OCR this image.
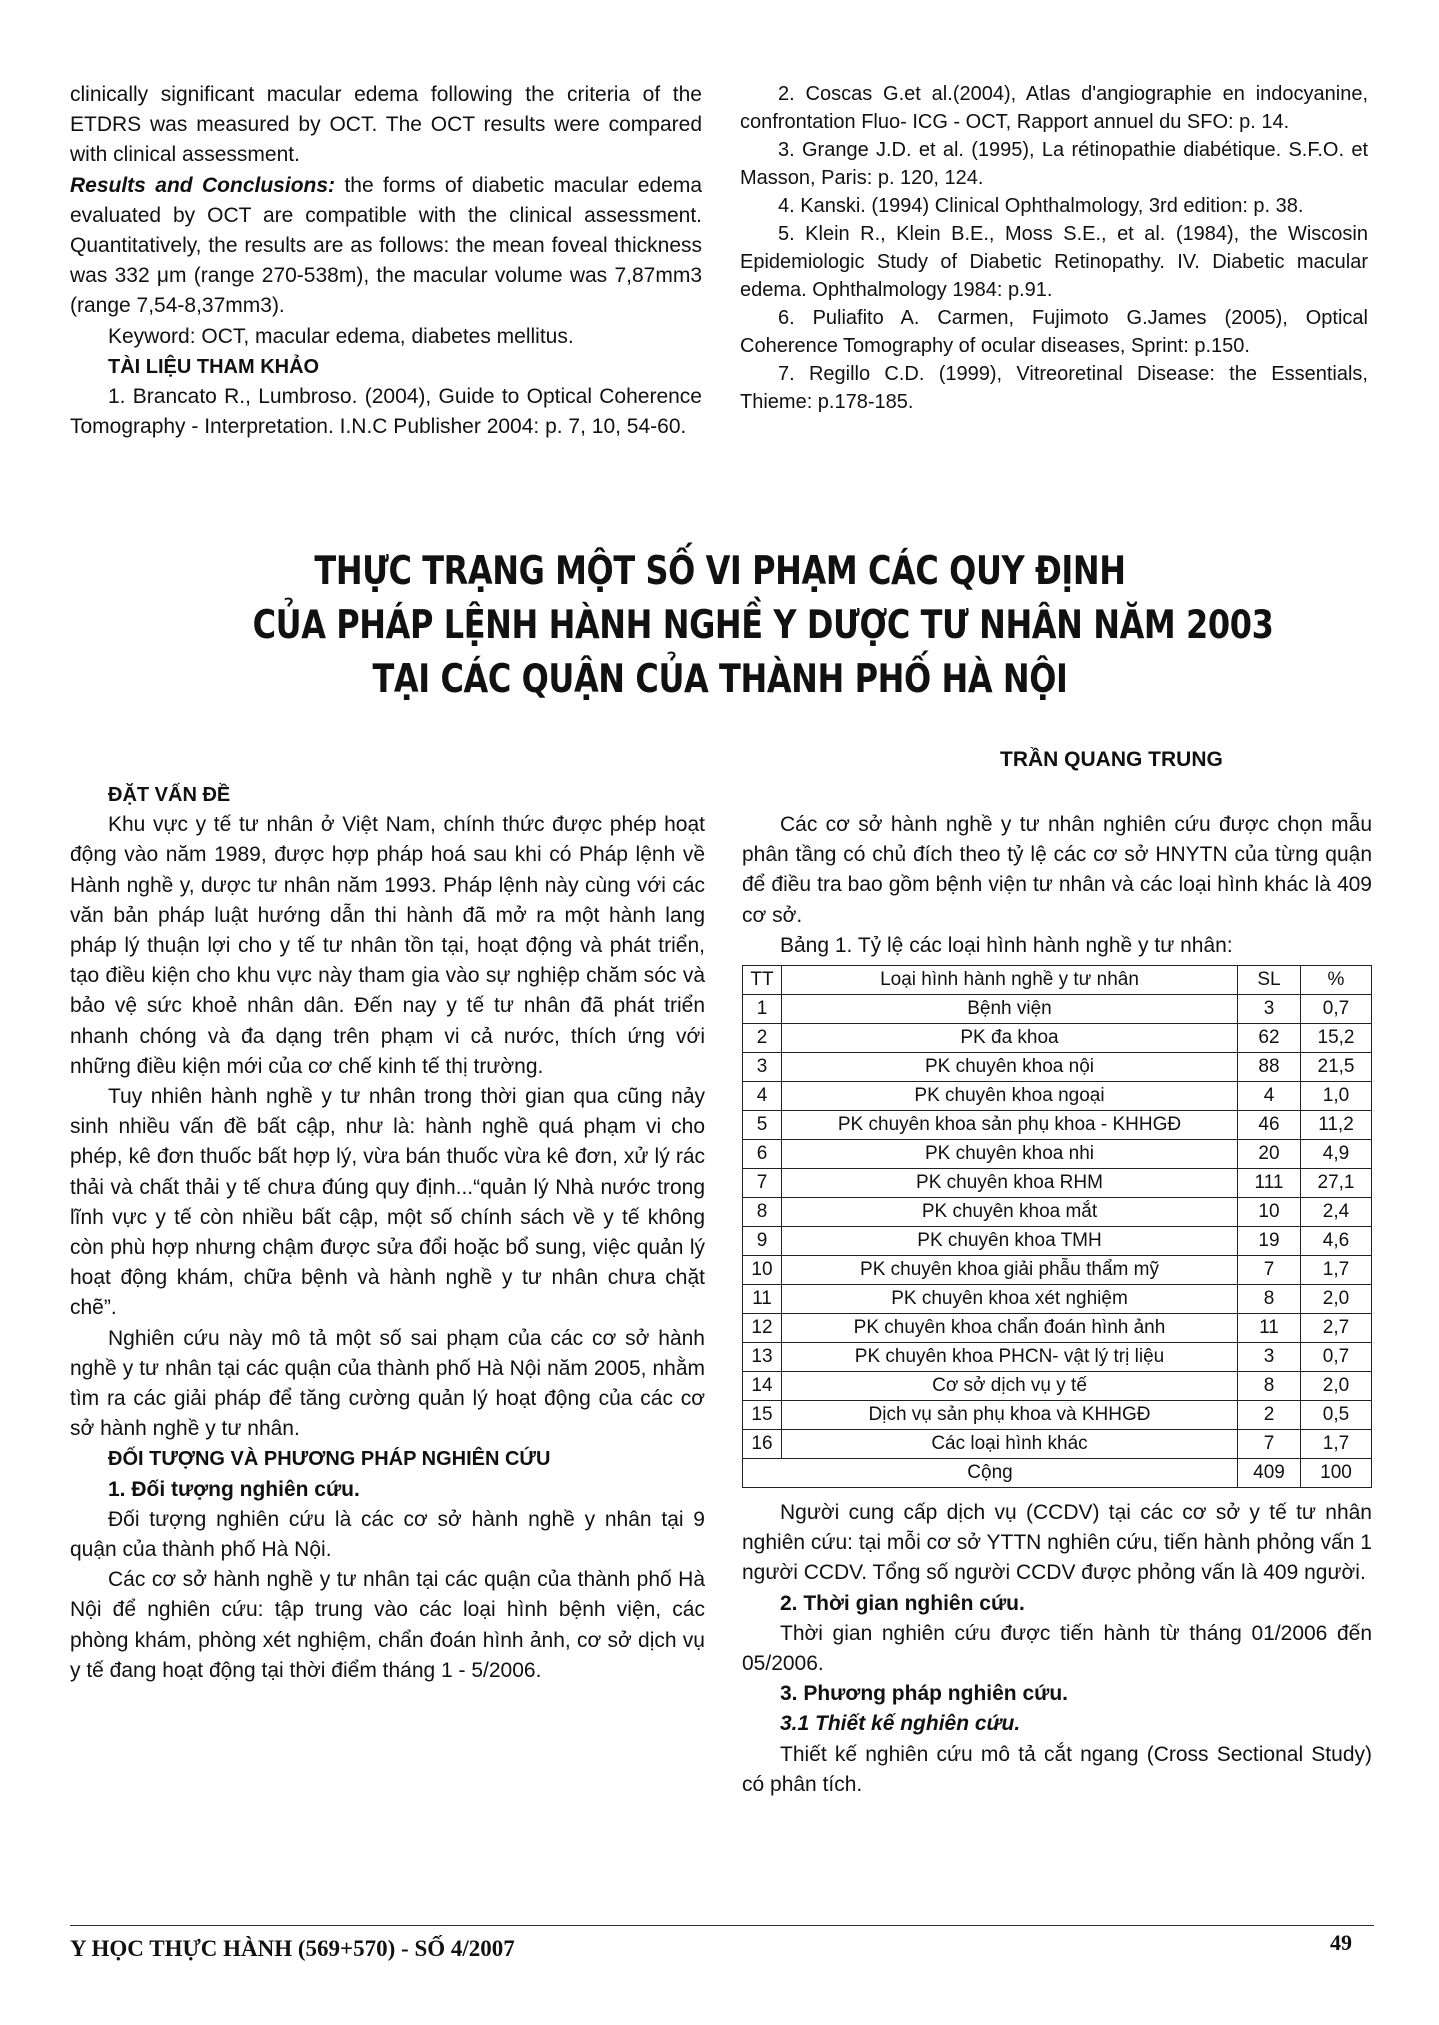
clinically significant macular edema following the criteria of the ETDRS was measured by OCT. The OCT results were compared with clinical assessment.

Results and Conclusions: the forms of diabetic macular edema evaluated by OCT are compatible with the clinical assessment. Quantitatively, the results are as follows: the mean foveal thickness was 332 μm (range 270-538m), the macular volume was 7,87mm3 (range 7,54-8,37mm3).

Keyword: OCT, macular edema, diabetes mellitus.

TÀI LIỆU THAM KHẢO

1. Brancato R., Lumbroso. (2004), Guide to Optical Coherence Tomography - Interpretation. I.N.C Publisher 2004: p. 7, 10, 54-60.

2. Coscas G.et al.(2004), Atlas d'angiographie en indocyanine, confrontation Fluo- ICG - OCT, Rapport annuel du SFO: p. 14.

3. Grange J.D. et al. (1995), La rétinopathie diabétique. S.F.O. et Masson, Paris: p. 120, 124.

4. Kanski. (1994) Clinical Ophthalmology, 3rd edition: p. 38.

5. Klein R., Klein B.E., Moss S.E., et al. (1984), the Wiscosin Epidemiologic Study of Diabetic Retinopathy. IV. Diabetic macular edema. Ophthalmology 1984: p.91.

6. Puliafito A. Carmen, Fujimoto G.James (2005), Optical Coherence Tomography of ocular diseases, Sprint: p.150.

7. Regillo C.D. (1999), Vitreoretinal Disease: the Essentials, Thieme: p.178-185.

THỰC TRẠNG MỘT SỐ VI PHẠM CÁC QUY ĐỊNH
CỦA PHÁP LỆNH HÀNH NGHỀ Y DƯỢC TƯ NHÂN NĂM 2003
TẠI CÁC QUẬN CỦA THÀNH PHỐ HÀ NỘI
TRẦN QUANG TRUNG

ĐẶT VẤN ĐỀ

Khu vực y tế tư nhân ở Việt Nam, chính thức được phép hoạt động vào năm 1989, được hợp pháp hoá sau khi có Pháp lệnh về Hành nghề y, dược tư nhân năm 1993. Pháp lệnh này cùng với các văn bản pháp luật hướng dẫn thi hành đã mở ra một hành lang pháp lý thuận lợi cho y tế tư nhân tồn tại, hoạt động và phát triển, tạo điều kiện cho khu vực này tham gia vào sự nghiệp chăm sóc và bảo vệ sức khoẻ nhân dân. Đến nay y tế tư nhân đã phát triển nhanh chóng và đa dạng trên phạm vi cả nước, thích ứng với những điều kiện mới của cơ chế kinh tế thị trường.

Tuy nhiên hành nghề y tư nhân trong thời gian qua cũng nảy sinh nhiều vấn đề bất cập, như là: hành nghề quá phạm vi cho phép, kê đơn thuốc bất hợp lý, vừa bán thuốc vừa kê đơn, xử lý rác thải và chất thải y tế chưa đúng quy định...“quản lý Nhà nước trong lĩnh vực y tế còn nhiều bất cập, một số chính sách về y tế không còn phù hợp nhưng chậm được sửa đổi hoặc bổ sung, việc quản lý hoạt động khám, chữa bệnh và hành nghề y tư nhân chưa chặt chẽ”.

Nghiên cứu này mô tả một số sai phạm của các cơ sở hành nghề y tư nhân tại các quận của thành phố Hà Nội năm 2005, nhằm tìm ra các giải pháp để tăng cường quản lý hoạt động của các cơ sở hành nghề y tư nhân.

ĐỐI TƯỢNG VÀ PHƯƠNG PHÁP NGHIÊN CỨU

1. Đối tượng nghiên cứu.

Đối tượng nghiên cứu là các cơ sở hành nghề y nhân tại 9 quận của thành phố Hà Nội.

Các cơ sở hành nghề y tư nhân tại các quận của thành phố Hà Nội để nghiên cứu: tập trung vào các loại hình bệnh viện, các phòng khám, phòng xét nghiệm, chẩn đoán hình ảnh, cơ sở dịch vụ y tế đang hoạt động tại thời điểm tháng 1 - 5/2006.

Các cơ sở hành nghề y tư nhân nghiên cứu được chọn mẫu phân tầng có chủ đích theo tỷ lệ các cơ sở HNYTN của từng quận để điều tra bao gồm bệnh viện tư nhân và các loại hình khác là 409 cơ sở.

Bảng 1. Tỷ lệ các loại hình hành nghề y tư nhân:

TT	Loại hình hành nghề y tư nhân	SL	%
1	Bệnh viện	3	0,7
2	PK đa khoa	62	15,2
3	PK chuyên khoa nội	88	21,5
4	PK chuyên khoa ngoại	4	1,0
5	PK chuyên khoa sản phụ khoa - KHHGĐ	46	11,2
6	PK chuyên khoa nhi	20	4,9
7	PK chuyên khoa RHM	111	27,1
8	PK chuyên khoa mắt	10	2,4
9	PK chuyên khoa TMH	19	4,6
10	PK chuyên khoa giải phẫu thẩm mỹ	7	1,7
11	PK chuyên khoa xét nghiệm	8	2,0
12	PK chuyên khoa chẩn đoán hình ảnh	11	2,7
13	PK chuyên khoa PHCN- vật lý trị liệu	3	0,7
14	Cơ sở dịch vụ y tế	8	2,0
15	Dịch vụ sản phụ khoa và KHHGĐ	2	0,5
16	Các loại hình khác	7	1,7
Cộng		409	100

Người cung cấp dịch vụ (CCDV) tại các cơ sở y tế tư nhân nghiên cứu: tại mỗi cơ sở YTTN nghiên cứu, tiến hành phỏng vấn 1 người CCDV. Tổng số người CCDV được phỏng vấn là 409 người.

2. Thời gian nghiên cứu.

Thời gian nghiên cứu được tiến hành từ tháng 01/2006 đến 05/2006.

3. Phương pháp nghiên cứu.

3.1 Thiết kế nghiên cứu.

Thiết kế nghiên cứu mô tả cắt ngang (Cross Sectional Study) có phân tích.

Y HỌC THỰC HÀNH (569+570) - SỐ 4/2007	49
